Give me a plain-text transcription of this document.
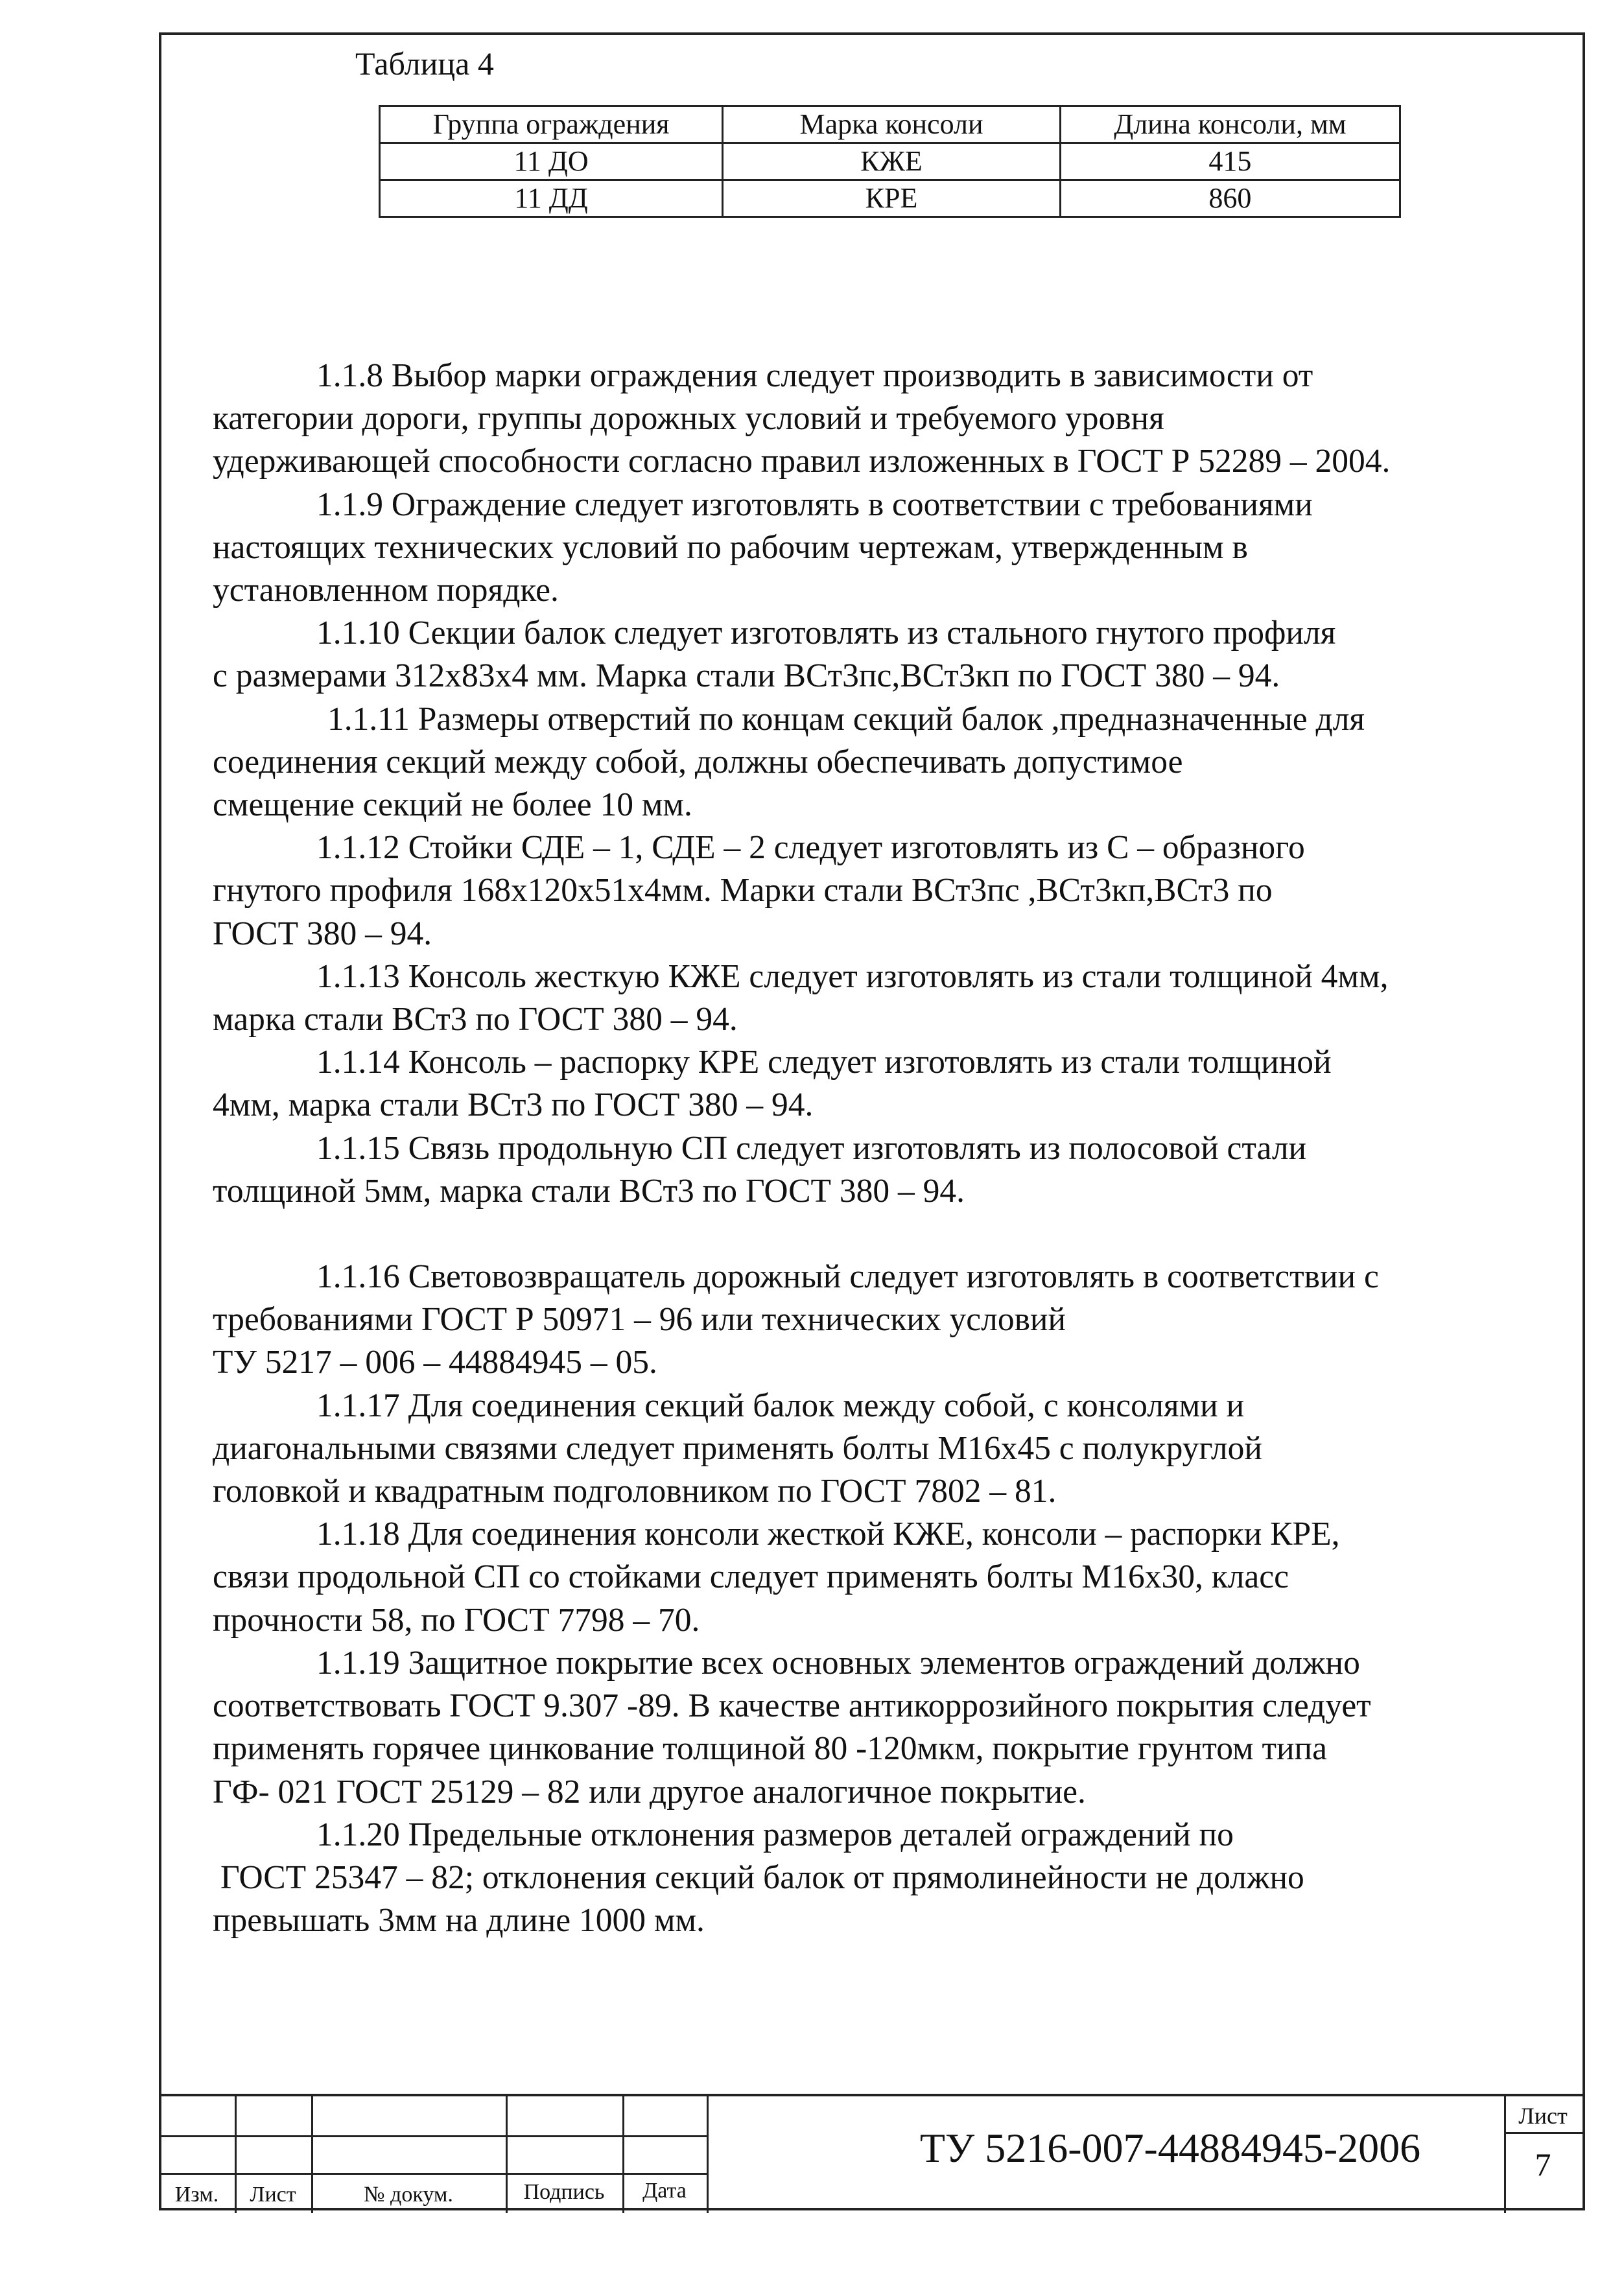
Таблица 4
Группа ограждения	Марка консоли	Длина консоли, мм
11 ДО	КЖЕ	415
11 ДД	КРЕ	860

1.1.8 Выбор марки ограждения следует производить в зависимости от

категории дороги, группы дорожных условий и требуемого уровня

удерживающей способности согласно правил изложенных в ГОСТ Р 52289 – 2004.

1.1.9 Ограждение следует изготовлять в соответствии с требованиями

настоящих технических условий по рабочим чертежам, утвержденным в

установленном порядке.

1.1.10 Секции балок следует изготовлять из стального гнутого профиля

с размерами 312x83x4 мм. Марка стали ВСт3пс,ВСт3кп по ГОСТ 380 – 94.

1.1.11 Размеры отверстий по концам секций балок ,предназначенные для

соединения секций между собой, должны обеспечивать допустимое

смещение секций не более 10 мм.

1.1.12 Стойки СДЕ – 1, СДЕ – 2 следует изготовлять из С – образного

гнутого профиля 168x120x51x4мм. Марки стали ВСт3пс ,ВСт3кп,ВСт3 по

ГОСТ 380 – 94.

1.1.13 Консоль жесткую КЖЕ следует изготовлять из стали толщиной 4мм,

марка стали ВСт3 по ГОСТ 380 – 94.

1.1.14 Консоль – распорку КРЕ следует изготовлять из стали толщиной

4мм, марка стали ВСт3 по ГОСТ 380 – 94.

1.1.15 Связь продольную СП следует изготовлять из полосовой стали

толщиной 5мм, марка стали ВСт3 по ГОСТ 380 – 94.

1.1.16 Световозвращатель дорожный следует изготовлять в соответствии с

требованиями ГОСТ Р 50971 – 96 или технических условий

ТУ 5217 – 006 – 44884945 – 05.

1.1.17 Для соединения секций балок между собой, с консолями и

диагональными связями следует применять болты М16x45 с полукруглой

головкой и квадратным подголовником по ГОСТ 7802 – 81.

1.1.18 Для соединения консоли жесткой КЖЕ, консоли – распорки КРЕ,

связи продольной СП со стойками следует применять болты М16x30, класс

прочности 58, по ГОСТ 7798 – 70.

1.1.19 Защитное покрытие всех основных элементов ограждений должно

соответствовать ГОСТ 9.307 -89. В качестве антикоррозийного покрытия следует

применять горячее цинкование толщиной 80 -120мкм, покрытие грунтом типа

ГФ- 021 ГОСТ 25129 – 82 или другое аналогичное покрытие.

1.1.20 Предельные отклонения размеров деталей ограждений по

ГОСТ 25347 – 82; отклонения секций балок от прямолинейности не должно

превышать 3мм на длине 1000 мм.

Изм.	Лист	№ докум.	Подпись	Дата
ТУ 5216-007-44884945-2006
Лист
7
